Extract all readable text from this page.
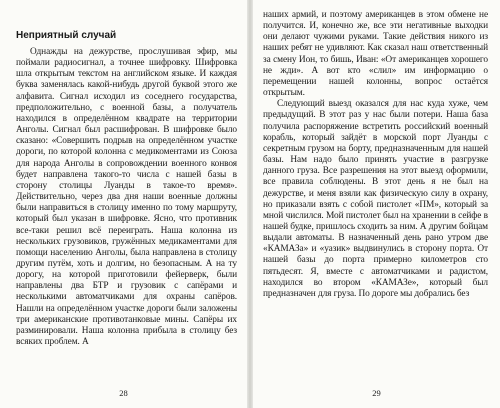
Неприятный случай

Однажды на дежурстве, прослушивая эфир, мы поймали радиосигнал, а точнее шифровку. Шифровка шла открытым текстом на английском языке. И каждая буква заменялась какой-нибудь другой буквой этого же алфавита. Сигнал исходил из соседнего государства, предположительно, с военной базы, а получатель находился в определённом квадрате на территории Анголы. Сигнал был расшифрован. В шифровке было сказано: «Совершить подрыв на определённом участке дороги, по которой колонна с медикоментами из Союза для народа Анголы в сопровождении военного конвоя будет направлена такого-то числа с нашей базы в сторону столицы Луанды в такое-то время». Действительно, через два дня наши военные должны были направиться в столицу именно по тому маршруту, который был указан в шифровке. Ясно, что противник все-таки решил всё переиграть. Наша колонна из нескольких грузовиков, гружённых медикаментами для помощи населению Анголы, была направлена в столицу другим путём, хоть и долгим, но безопасным. А на ту дорогу, на которой приготовили фейерверк, были направлены два БТР и грузовик с сапёрами и несколькими автоматчиками для охраны сапёров. Нашли на определённом участке дороги были заложены три американские противотанковые мины. Сапёры их разминировали. Наша колонна прибыла в столицу без всяких проблем. А

28

наших армий, и поэтому американцев в этом обмене не получится. И, конечно же, все эти негативные выходки они делают чужими руками. Такие действия никого из наших ребят не удивляют. Как сказал наш ответственный за смену Ион, то бишь, Иван: «От американцев хорошего не жди». А вот кто «слил» им информацию о перемещении нашей колонны, вопрос остаётся открытым.

Следующий выезд оказался для нас куда хуже, чем предыдущий. В этот раз у нас были потери. Наша база получила распоряжение встретить российский военный корабль, который зайдёт в морской порт Луанды с секретным грузом на борту, предназначенным для нашей базы. Нам надо было принять участие в разгрузке данного груза. Все разрешения на этот выезд оформили, все правила соблюдены. В этот день я не был на дежурстве, и меня взяли как физическую силу в охрану, но приказали взять с собой пистолет «ПМ», который за мной числился. Мой пистолет был на хранении в сейфе в нашей будке, пришлось сходить за ним. А другим бойцам выдали автоматы. В назначенный день рано утром две «КАМАЗа» и «уазик» выдвинулись в сторону порта. От нашей базы до порта примерно километров сто пятьдесят. Я, вместе с автоматчиками и радистом, находился во втором «КАМАЗе», который был предназначен для груза. По дороге мы добрались без

29
